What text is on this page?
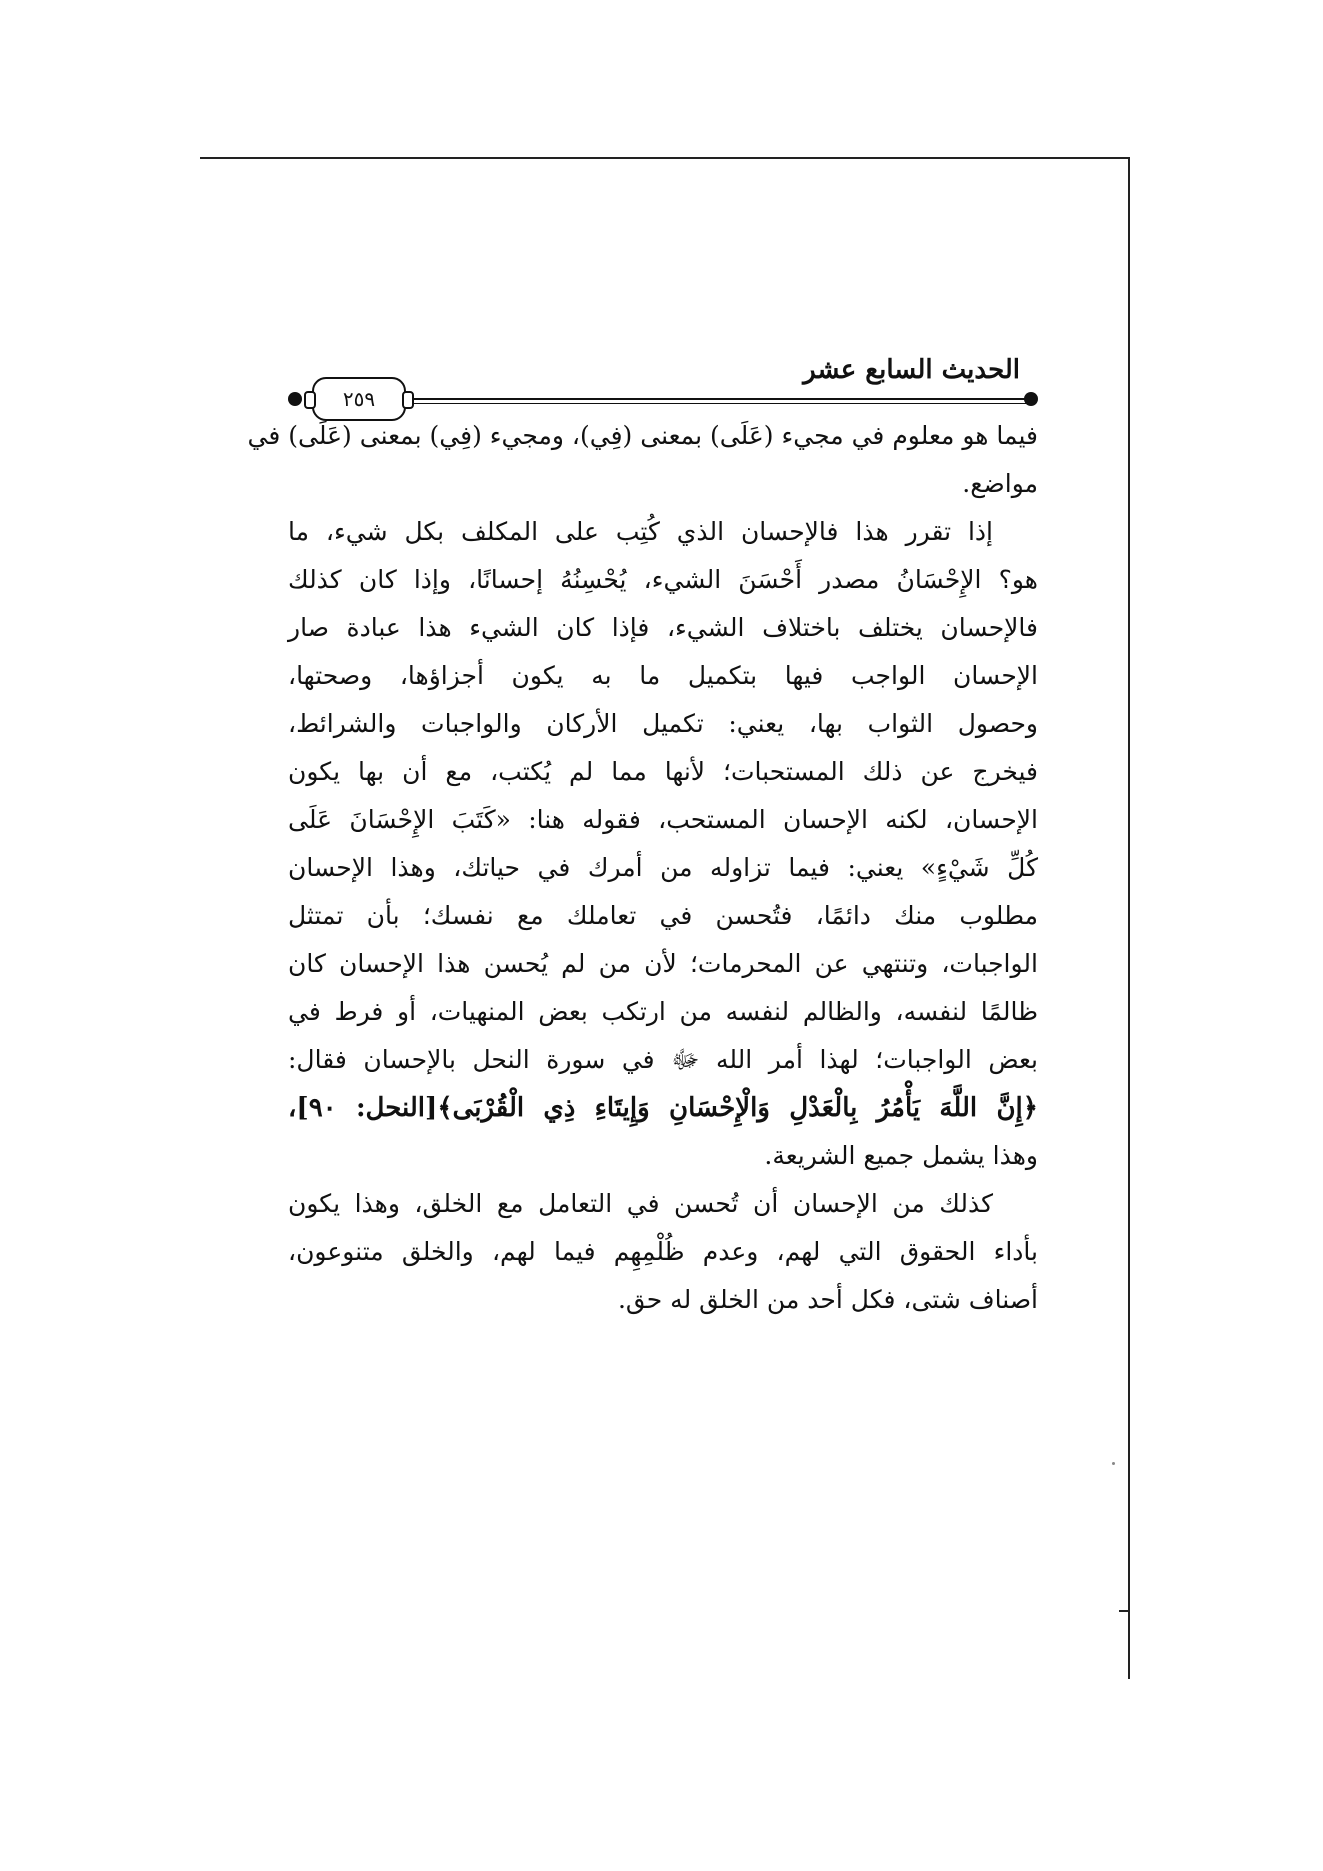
٢٥٩
الحديث السابع عشر
فيما هو معلوم في مجيء (عَلَى) بمعنى (فِي)، ومجيء (فِي) بمعنى (عَلَى) في
مواضع.
إذا تقرر هذا فالإحسان الذي كُتِب على المكلف بكل شيء، ما
هو؟ الإِحْسَانُ مصدر أَحْسَنَ الشيء، يُحْسِنُهُ إحسانًا، وإذا كان كذلك
فالإحسان يختلف باختلاف الشيء، فإذا كان الشيء هذا عبادة صار
الإحسان الواجب فيها بتكميل ما به يكون أجزاؤها، وصحتها،
وحصول الثواب بها، يعني: تكميل الأركان والواجبات والشرائط،
فيخرج عن ذلك المستحبات؛ لأنها مما لم يُكتب، مع أن بها يكون
الإحسان، لكنه الإحسان المستحب، فقوله هنا: «كَتَبَ الإِحْسَانَ عَلَى
كُلِّ شَيْءٍ» يعني: فيما تزاوله من أمرك في حياتك، وهذا الإحسان
مطلوب منك دائمًا، فتُحسن في تعاملك مع نفسك؛ بأن تمتثل
الواجبات، وتنتهي عن المحرمات؛ لأن من لم يُحسن هذا الإحسان كان
ظالمًا لنفسه، والظالم لنفسه من ارتكب بعض المنهيات، أو فرط في
بعض الواجبات؛ لهذا أمر الله ﷻ في سورة النحل بالإحسان فقال:
﴿إِنَّ اللَّهَ يَأْمُرُ بِالْعَدْلِ وَالْإِحْسَانِ وَإِيتَاءِ ذِي الْقُرْبَى﴾[النحل: ٩٠]،
وهذا يشمل جميع الشريعة.
كذلك من الإحسان أن تُحسن في التعامل مع الخلق، وهذا يكون
بأداء الحقوق التي لهم، وعدم ظُلْمِهِم فيما لهم، والخلق متنوعون،
أصناف شتى، فكل أحد من الخلق له حق.
